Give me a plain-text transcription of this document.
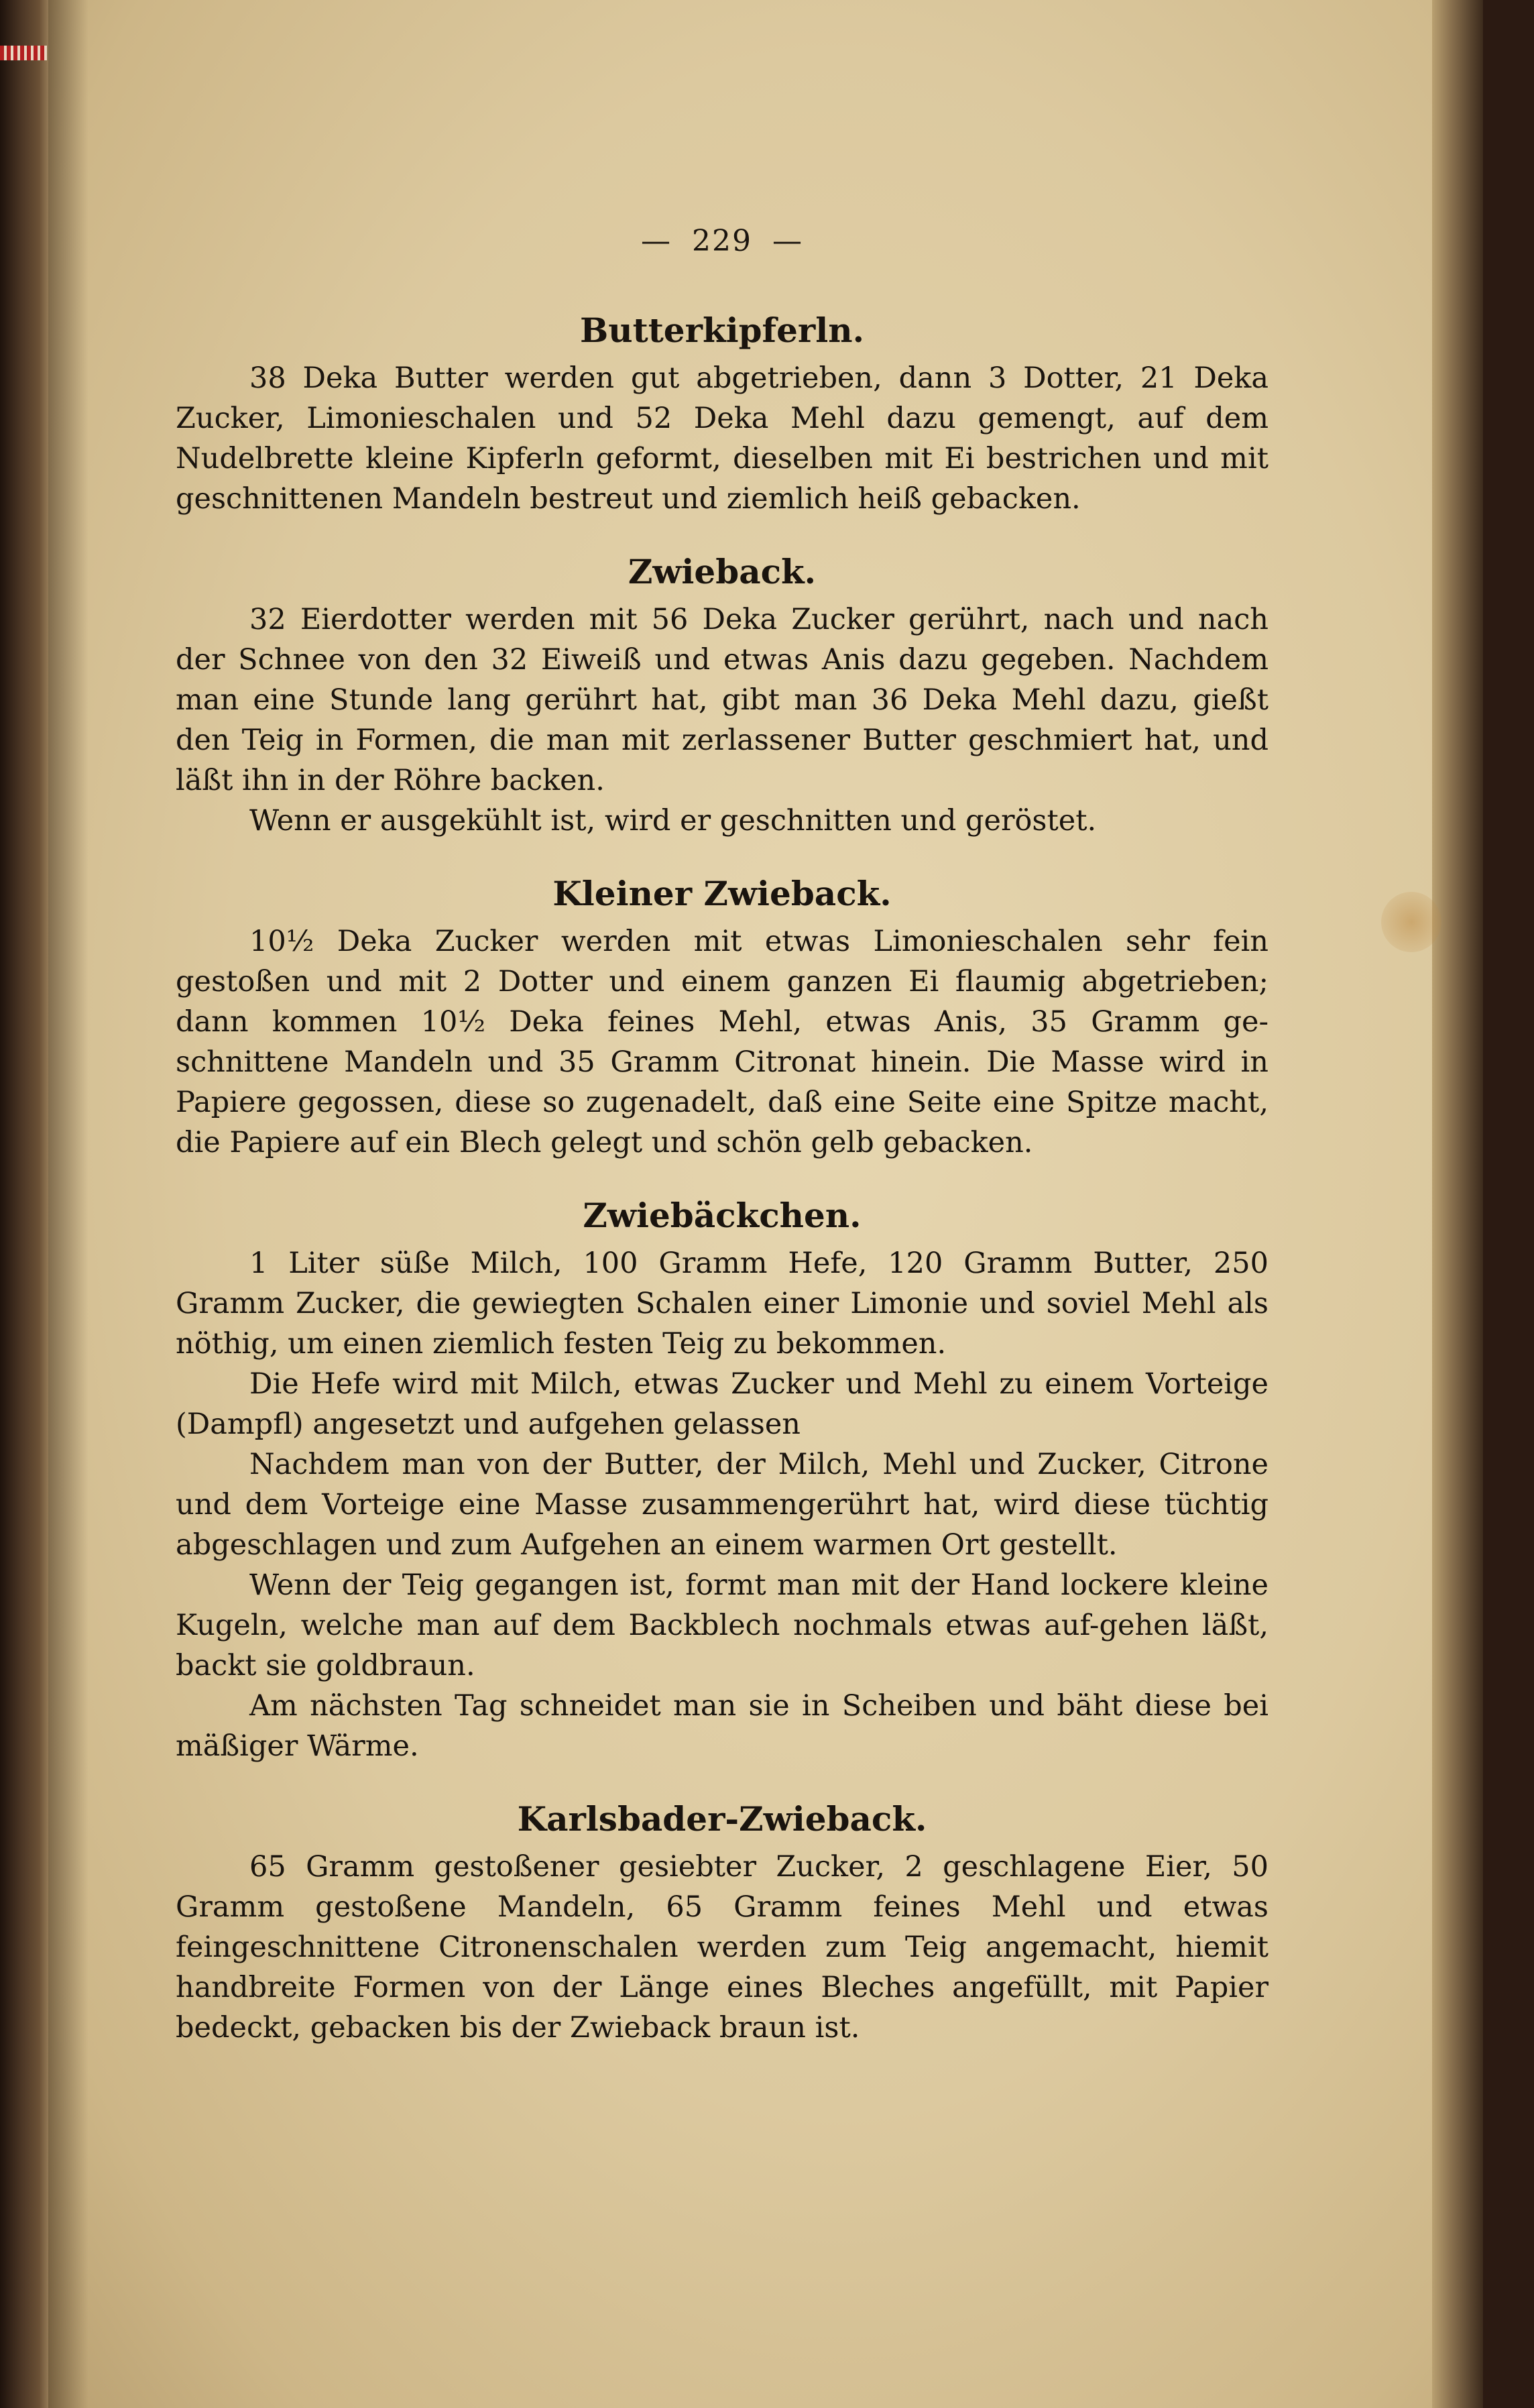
— 229 —
Butterkipferln.

38 Deka Butter werden gut abgetrieben, dann 3 Dotter, 21 Deka Zucker, Limonieschalen und 52 Deka Mehl dazu gemengt, auf dem Nudelbrette kleine Kipferln geformt, dieselben mit Ei bestrichen und mit geschnittenen Mandeln bestreut und ziemlich heiß gebacken.

Zwieback.

32 Eierdotter werden mit 56 Deka Zucker gerührt, nach und nach der Schnee von den 32 Eiweiß und etwas Anis dazu gegeben. Nachdem man eine Stunde lang gerührt hat, gibt man 36 Deka Mehl dazu, gießt den Teig in Formen, die man mit zerlassener Butter geschmiert hat, und läßt ihn in der Röhre backen.

Wenn er ausgekühlt ist, wird er geschnitten und geröstet.

Kleiner Zwieback.

10½ Deka Zucker werden mit etwas Limonieschalen sehr fein gestoßen und mit 2 Dotter und einem ganzen Ei flaumig abgetrieben; dann kommen 10½ Deka feines Mehl, etwas Anis, 35 Gramm ge-schnittene Mandeln und 35 Gramm Citronat hinein. Die Masse wird in Papiere gegossen, diese so zugenadelt, daß eine Seite eine Spitze macht, die Papiere auf ein Blech gelegt und schön gelb gebacken.

Zwiebäckchen.

1 Liter süße Milch, 100 Gramm Hefe, 120 Gramm Butter, 250 Gramm Zucker, die gewiegten Schalen einer Limonie und soviel Mehl als nöthig, um einen ziemlich festen Teig zu bekommen.

Die Hefe wird mit Milch, etwas Zucker und Mehl zu einem Vorteige (Dampfl) angesetzt und aufgehen gelassen

Nachdem man von der Butter, der Milch, Mehl und Zucker, Citrone und dem Vorteige eine Masse zusammengerührt hat, wird diese tüchtig abgeschlagen und zum Aufgehen an einem warmen Ort gestellt.

Wenn der Teig gegangen ist, formt man mit der Hand lockere kleine Kugeln, welche man auf dem Backblech nochmals etwas auf-gehen läßt, backt sie goldbraun.

Am nächsten Tag schneidet man sie in Scheiben und bäht diese bei mäßiger Wärme.

Karlsbader-Zwieback.

65 Gramm gestoßener gesiebter Zucker, 2 geschlagene Eier, 50 Gramm gestoßene Mandeln, 65 Gramm feines Mehl und etwas feingeschnittene Citronenschalen werden zum Teig angemacht, hiemit handbreite Formen von der Länge eines Bleches angefüllt, mit Papier bedeckt, gebacken bis der Zwieback braun ist.
